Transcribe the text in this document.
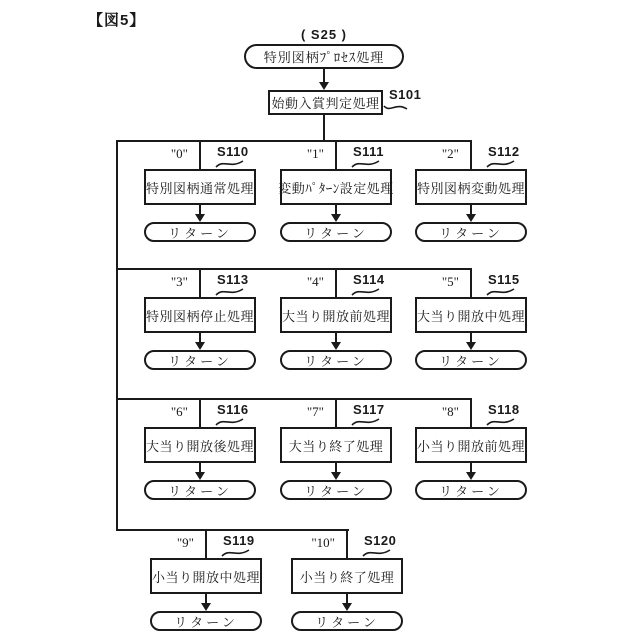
【図5】
( S25 )
特別図柄ﾌﾟﾛｾｽ処理
始動入賞判定処理
S101
"0" S110
特別図柄通常処理
リターン
"1" S111
変動ﾊﾟﾀｰﾝ設定処理
リターン
"2" S112
特別図柄変動処理
リターン
"3" S113
特別図柄停止処理
リターン
"4" S114
大当り開放前処理
リターン
"5" S115
大当り開放中処理
リターン
"6" S116
大当り開放後処理
リターン
"7" S117
大当り終了処理
リターン
"8" S118
小当り開放前処理
リターン
"9" S119
小当り開放中処理
リターン
"10" S120
小当り終了処理
リターン
